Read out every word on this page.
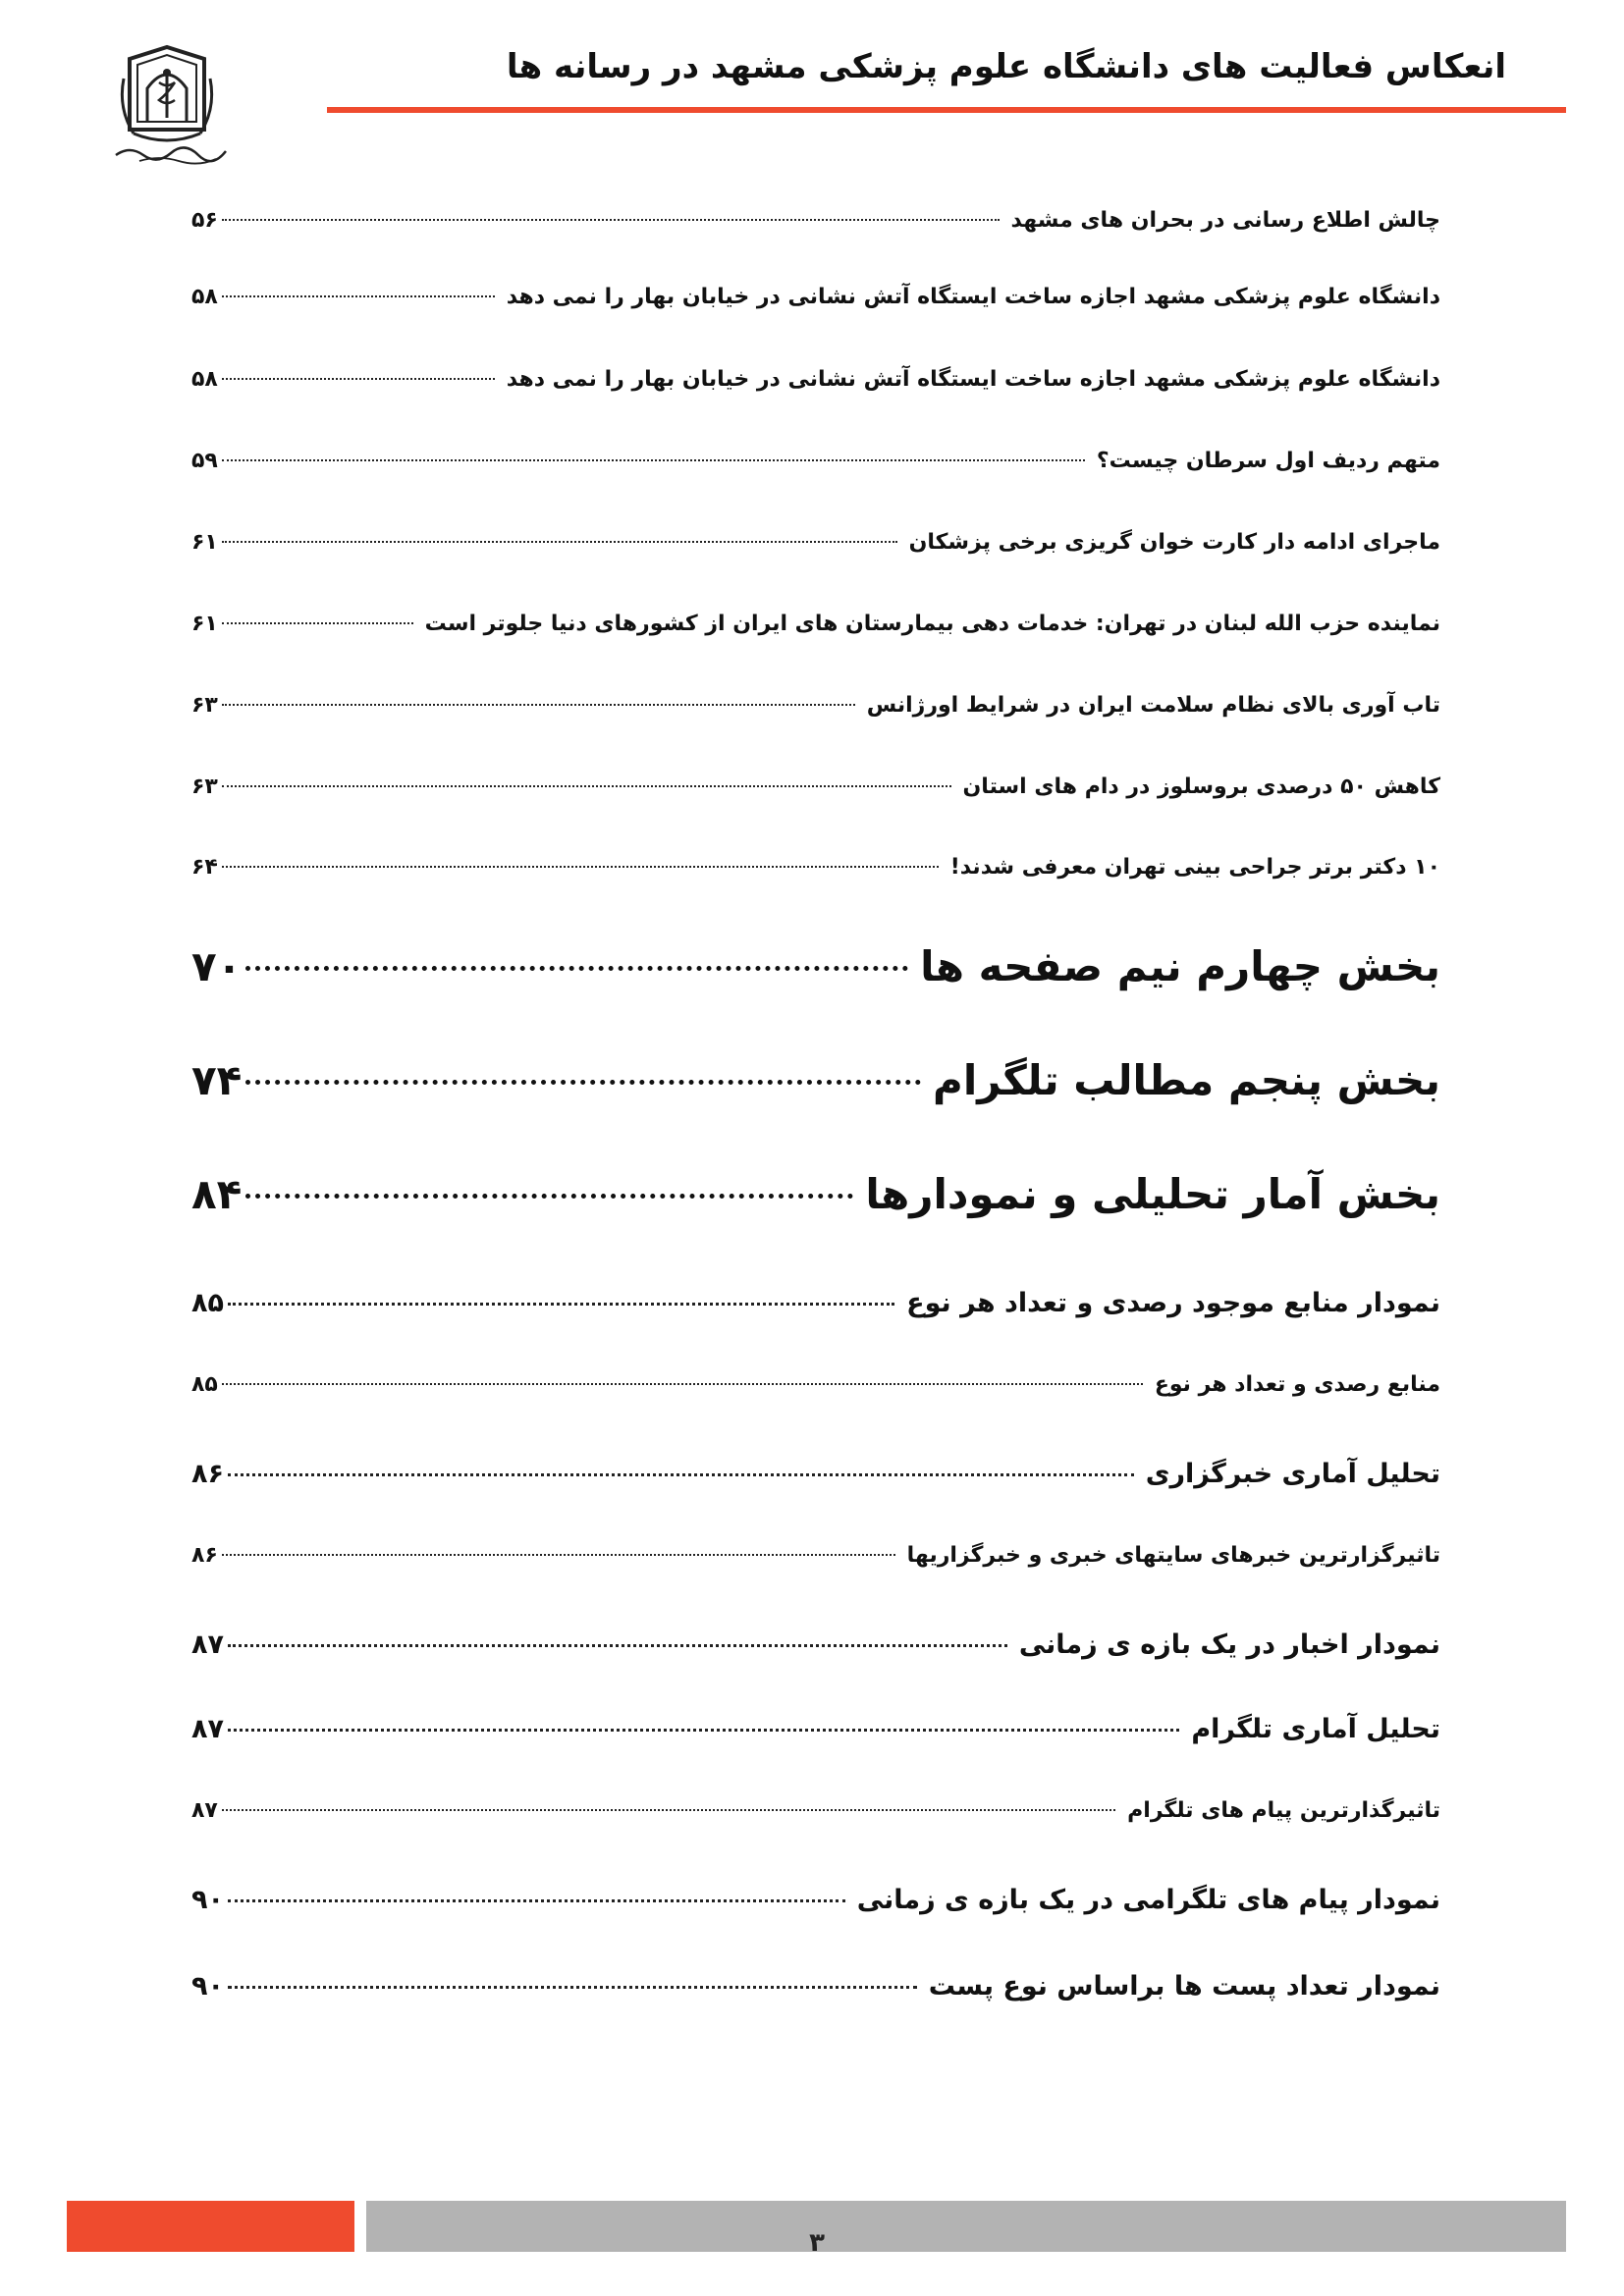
انعکاس فعالیت های دانشگاه علوم پزشکی مشهد در رسانه ها
چالش اطلاع رسانی در بحران های مشهد
۵۶
دانشگاه علوم پزشکی مشهد اجازه ساخت ایستگاه آتش نشانی در خیابان بهار را نمی دهد
۵۸
دانشگاه علوم پزشکی مشهد اجازه ساخت ایستگاه آتش نشانی در خیابان بهار را نمی دهد
۵۸
متهم ردیف اول سرطان چیست؟
۵۹
ماجرای ادامه دار کارت خوان گریزی برخی پزشکان
۶۱
نماینده حزب الله لبنان در تهران: خدمات دهی بیمارستان های ایران از کشورهای دنیا جلوتر است
۶۱
تاب آوری بالای نظام سلامت ایران در شرایط اورژانس
۶۳
کاهش ۵۰ درصدی بروسلوز در دام های استان
۶۳
۱۰ دکتر برتر جراحی بینی تهران معرفی شدند!
۶۴
بخش چهارم نیم صفحه ها
۷۰
بخش پنجم مطالب تلگرام
۷۴
بخش آمار تحلیلی و نمودارها
۸۴
نمودار منابع موجود رصدی و تعداد هر نوع
۸۵
منابع رصدی و تعداد هر نوع
۸۵
تحلیل آماری خبرگزاری
۸۶
تاثیرگزارترین خبرهای سایتهای خبری و خبرگزاریها
۸۶
نمودار اخبار در یک بازه ی زمانی
۸۷
تحلیل آماری تلگرام
۸۷
تاثیرگذارترین پیام های تلگرام
۸۷
نمودار پیام های تلگرامی در یک بازه ی زمانی
۹۰
نمودار تعداد پست ها براساس نوع پست
۹۰
۳
